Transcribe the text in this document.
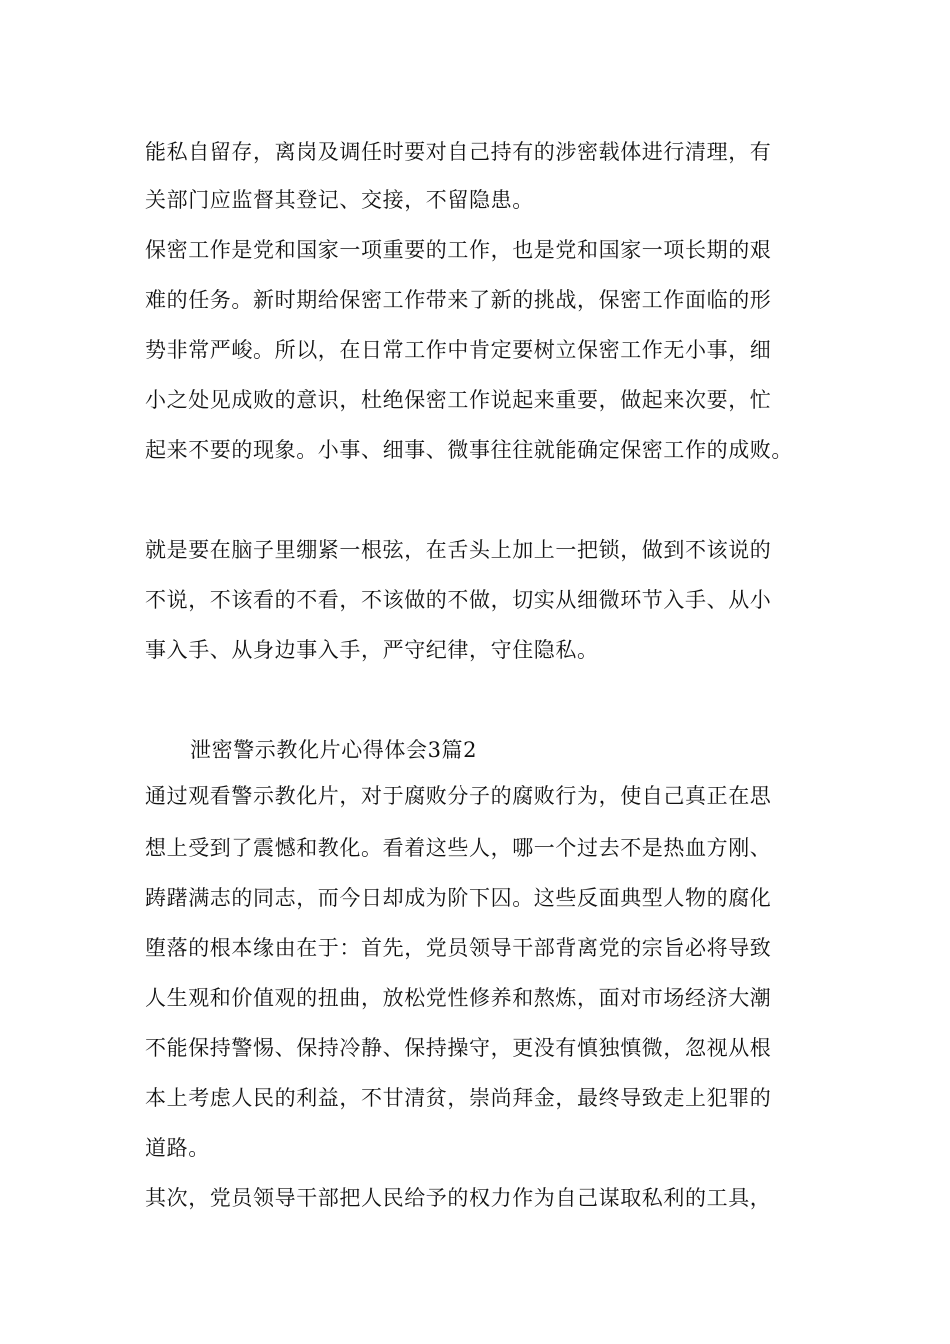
能私自留存，离岗及调任时要对自己持有的涉密载体进行清理，有
关部门应监督其登记、交接，不留隐患。
保密工作是党和国家一项重要的工作，也是党和国家一项长期的艰
难的任务。新时期给保密工作带来了新的挑战，保密工作面临的形
势非常严峻。所以，在日常工作中肯定要树立保密工作无小事，细
小之处见成败的意识，杜绝保密工作说起来重要，做起来次要，忙
起来不要的现象。小事、细事、微事往往就能确定保密工作的成败。
就是要在脑子里绷紧一根弦，在舌头上加上一把锁，做到不该说的
不说，不该看的不看，不该做的不做，切实从细微环节入手、从小
事入手、从身边事入手，严守纪律，守住隐私。
泄密警示教化片心得体会3篇2
通过观看警示教化片，对于腐败分子的腐败行为，使自己真正在思
想上受到了震憾和教化。看着这些人，哪一个过去不是热血方刚、
踌躇满志的同志，而今日却成为阶下囚。这些反面典型人物的腐化
堕落的根本缘由在于：首先，党员领导干部背离党的宗旨必将导致
人生观和价值观的扭曲，放松党性修养和熬炼，面对市场经济大潮
不能保持警惕、保持冷静、保持操守，更没有慎独慎微，忽视从根
本上考虑人民的利益，不甘清贫，崇尚拜金，最终导致走上犯罪的
道路。
其次，党员领导干部把人民给予的权力作为自己谋取私利的工具，
